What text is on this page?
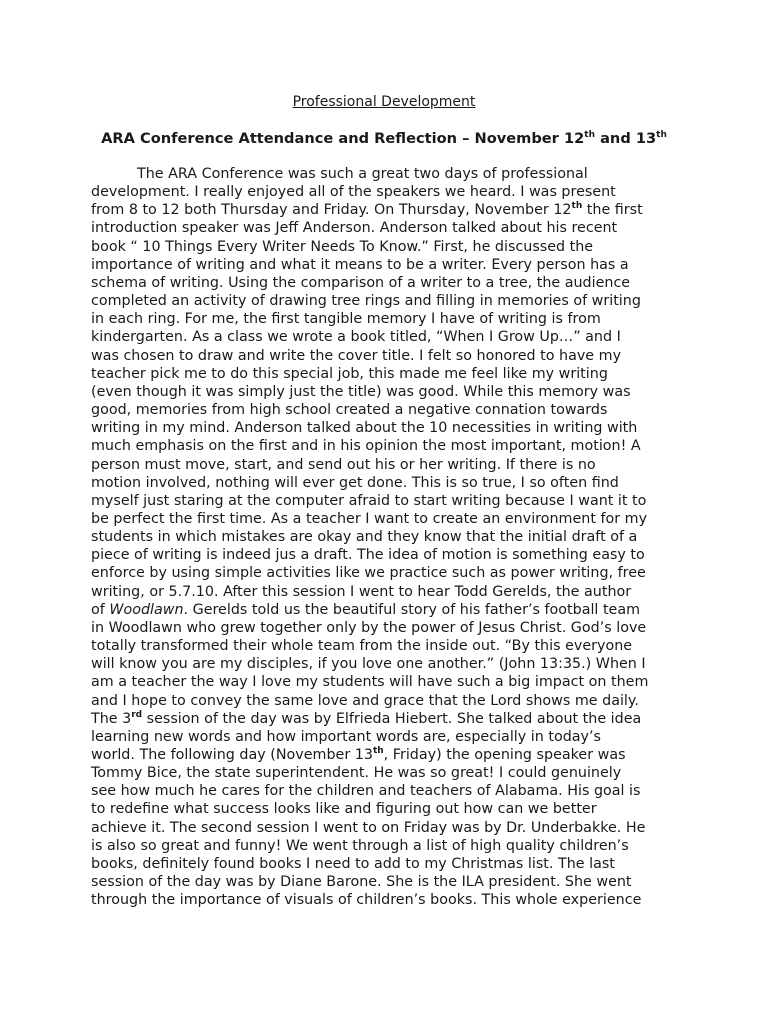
Professional Development
ARA Conference Attendance and Reflection – November 12th and 13th
The ARA Conference was such a great two days of professional
development. I really enjoyed all of the speakers we heard. I was present
from 8 to 12 both Thursday and Friday. On Thursday, November 12th the first
introduction speaker was Jeff Anderson. Anderson talked about his recent
book “ 10 Things Every Writer Needs To Know.” First, he discussed the
importance of writing and what it means to be a writer. Every person has a
schema of writing. Using the comparison of a writer to a tree, the audience
completed an activity of drawing tree rings and filling in memories of writing
in each ring. For me, the first tangible memory I have of writing is from
kindergarten. As a class we wrote a book titled, “When I Grow Up…” and I
was chosen to draw and write the cover title. I felt so honored to have my
teacher pick me to do this special job, this made me feel like my writing
(even though it was simply just the title) was good. While this memory was
good, memories from high school created a negative connation towards
writing in my mind. Anderson talked about the 10 necessities in writing with
much emphasis on the first and in his opinion the most important, motion! A
person must move, start, and send out his or her writing. If there is no
motion involved, nothing will ever get done. This is so true, I so often find
myself just staring at the computer afraid to start writing because I want it to
be perfect the first time. As a teacher I want to create an environment for my
students in which mistakes are okay and they know that the initial draft of a
piece of writing is indeed jus a draft. The idea of motion is something easy to
enforce by using simple activities like we practice such as power writing, free
writing, or 5.7.10. After this session I went to hear Todd Gerelds, the author
of Woodlawn. Gerelds told us the beautiful story of his father’s football team
in Woodlawn who grew together only by the power of Jesus Christ. God’s love
totally transformed their whole team from the inside out. “By this everyone
will know you are my disciples, if you love one another.” (John 13:35.) When I
am a teacher the way I love my students will have such a big impact on them
and I hope to convey the same love and grace that the Lord shows me daily.
The 3rd session of the day was by Elfrieda Hiebert. She talked about the idea
learning new words and how important words are, especially in today’s
world. The following day (November 13th, Friday) the opening speaker was
Tommy Bice, the state superintendent. He was so great! I could genuinely
see how much he cares for the children and teachers of Alabama. His goal is
to redefine what success looks like and figuring out how can we better
achieve it. The second session I went to on Friday was by Dr. Underbakke. He
is also so great and funny! We went through a list of high quality children’s
books, definitely found books I need to add to my Christmas list. The last
session of the day was by Diane Barone. She is the ILA president. She went
through the importance of visuals of children’s books. This whole experience
